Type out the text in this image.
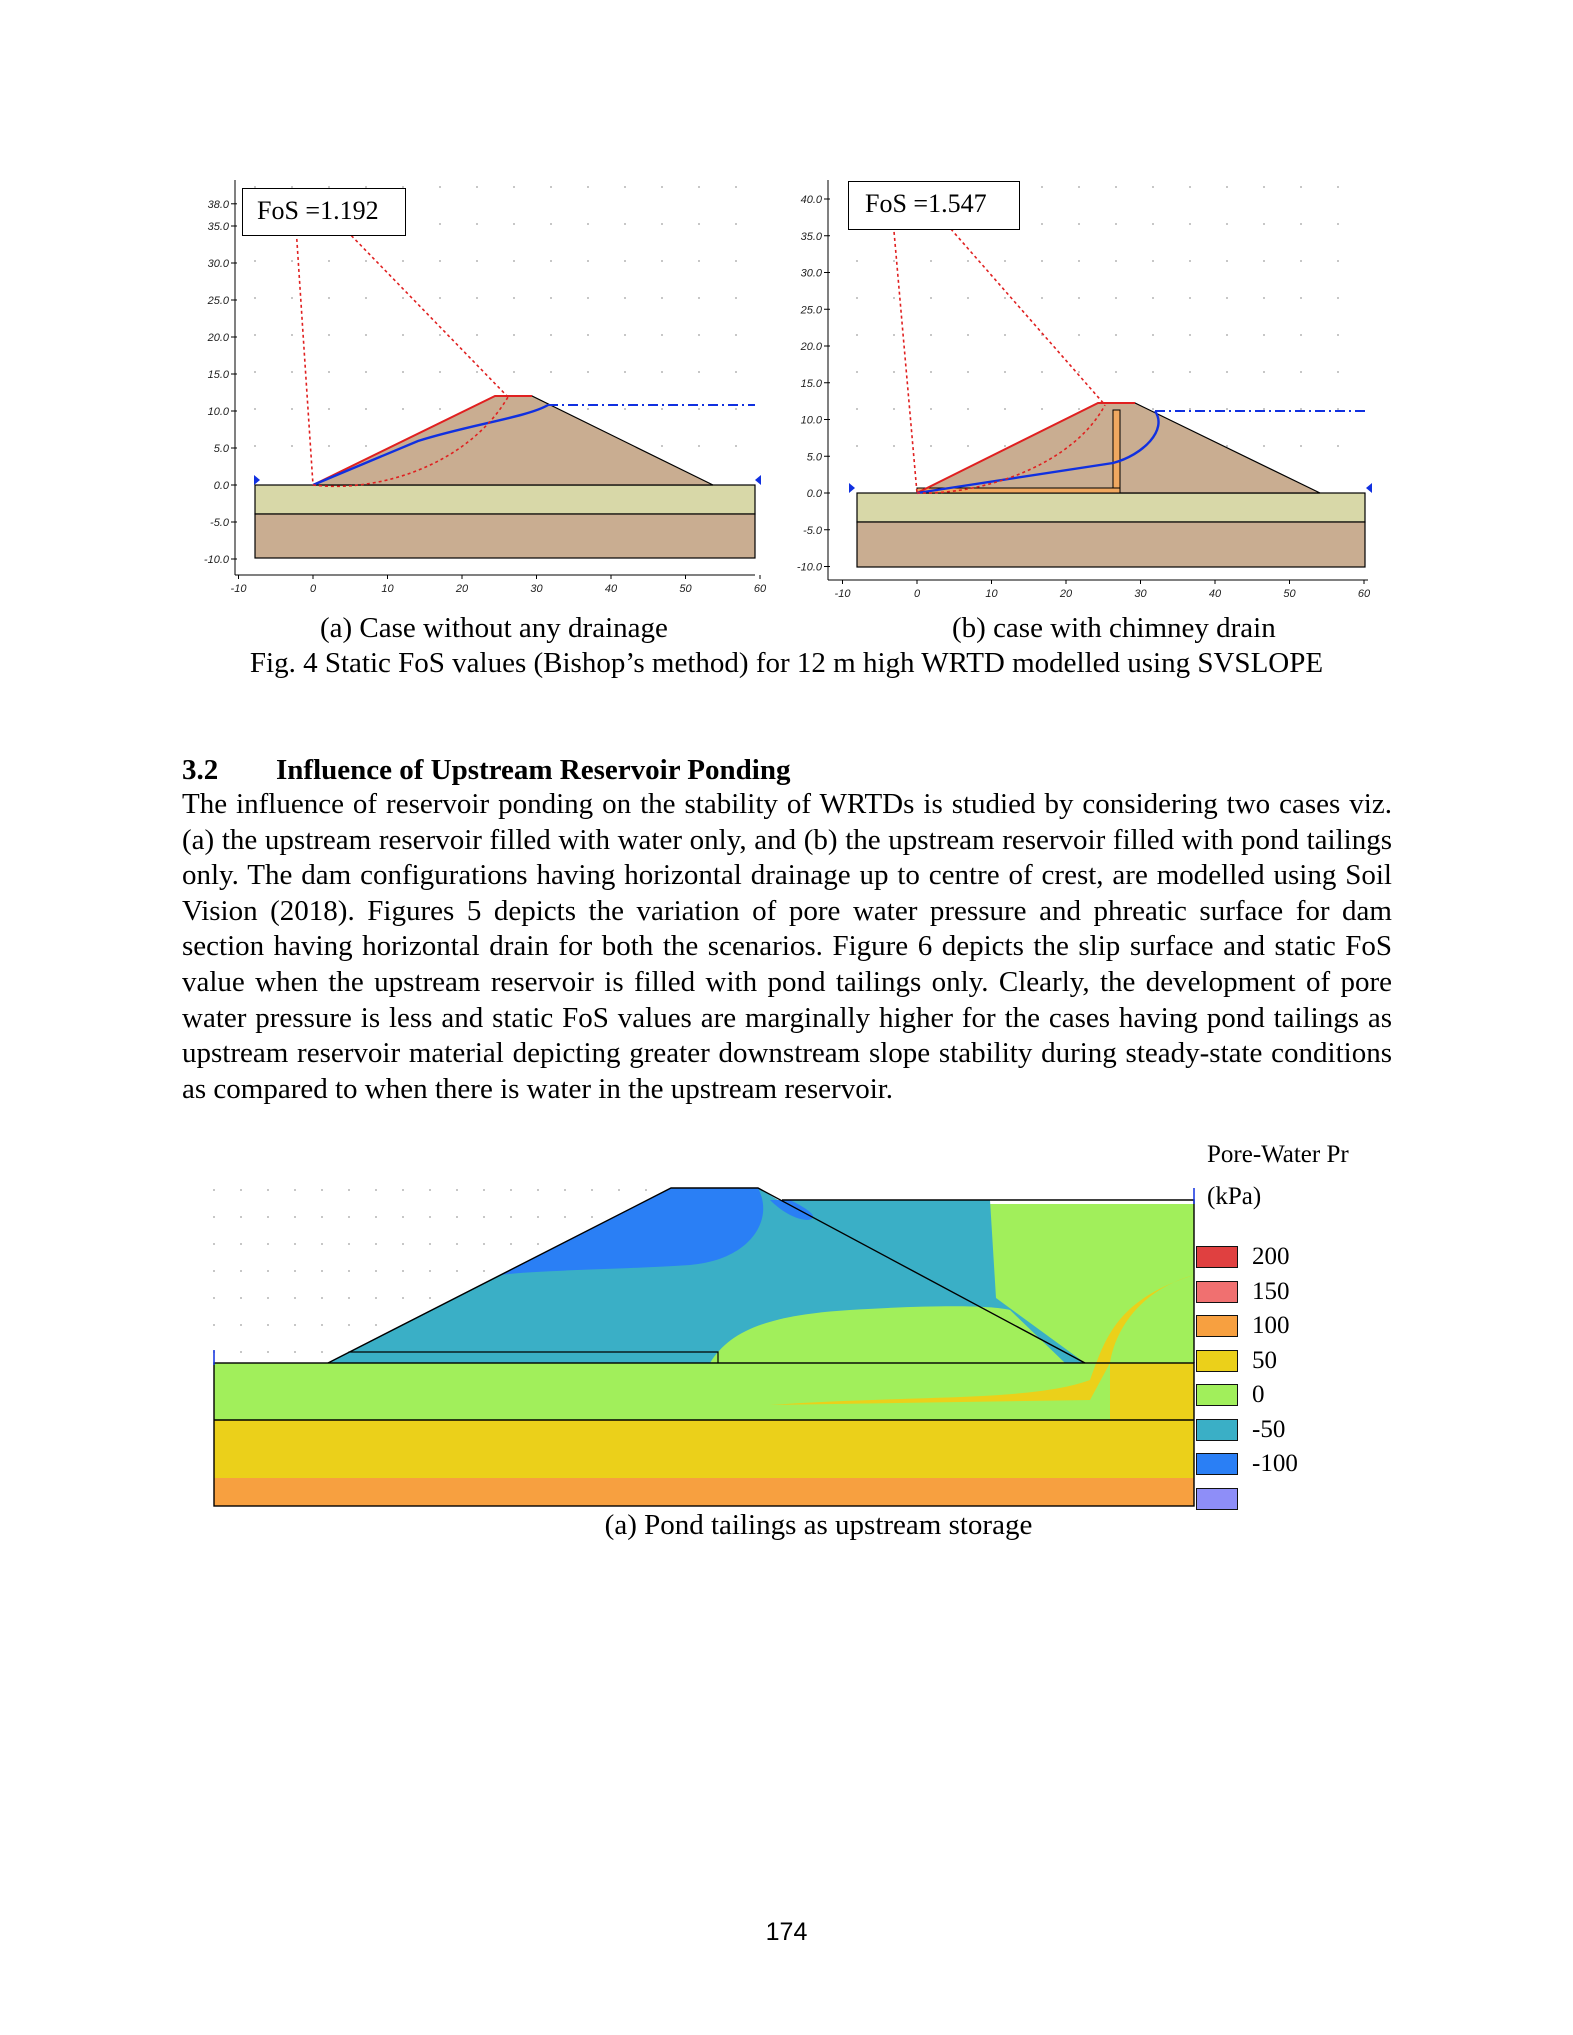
38.0
35.0
30.0
25.0
20.0
15.0
10.0
5.0
0.0
-5.0
-10.0
-10	0	10	20	30	40	50	60
FoS =1.192
(a) Case without any drainage
40.0
35.0
30.0
25.0
20.0
15.0
10.0
5.0
0.0
-5.0
-10.0
-10	0	10	20	30	40	50	60
FoS =1.547
(b) case with chimney drain
Fig. 4 Static FoS values (Bishop’s method) for 12 m high WRTD modelled using SVSLOPE
3.2 Influence of Upstream Reservoir Ponding

The influence of reservoir ponding on the stability of WRTDs is studied by considering two cases viz. (a) the upstream reservoir filled with water only, and (b) the upstream reservoir filled with pond tailings only. The dam configurations having horizontal drainage up to centre of crest, are modelled using Soil Vision (2018). Figures 5 depicts the variation of pore water pressure and phreatic surface for dam section having horizontal drain for both the scenarios. Figure 6 depicts the slip surface and static FoS value when the upstream reservoir is filled with pond tailings only. Clearly, the development of pore water pressure is less and static FoS values are marginally higher for the cases having pond tailings as upstream reservoir material depicting greater downstream slope stability during steady-state conditions as compared to when there is water in the upstream reservoir.

Pore-Water Pr
(kPa)
200
150
100
50
0
-50
-100
(a) Pond tailings as upstream storage
174
